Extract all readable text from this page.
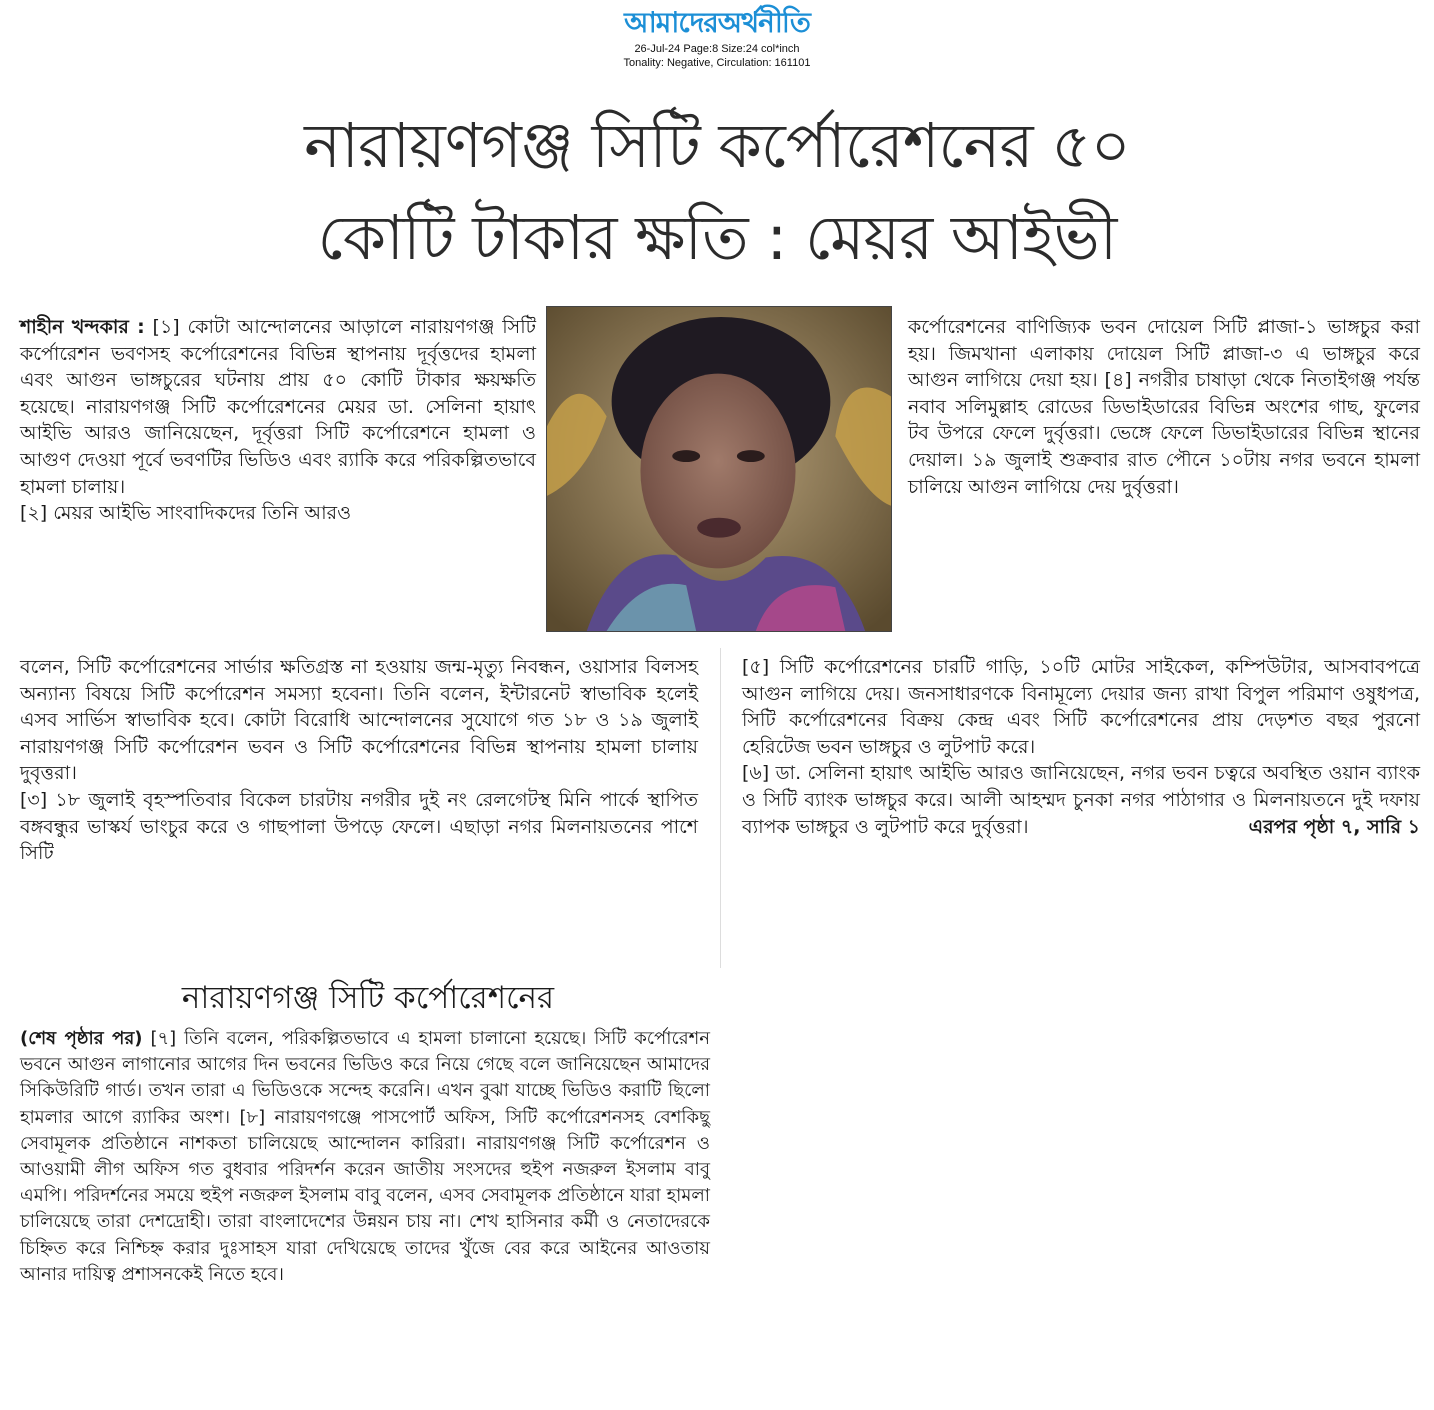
আমাদেরঅর্থনীতি
26-Jul-24 Page:8 Size:24 col*inch
Tonality: Negative, Circulation: 161101
নারায়ণগঞ্জ সিটি কর্পোরেশনের ৫০
কোটি টাকার ক্ষতি : মেয়র আইভী

শাহীন খন্দকার : [১] কোটা আন্দোলনের আড়ালে নারায়ণগঞ্জ সিটি কর্পোরেশন ভবণসহ কর্পোরেশনের বিভিন্ন স্থাপনায় দূর্বৃত্তদের হামলা এবং আগুন ভাঙ্গচুরের ঘটনায় প্রায় ৫০ কোটি টাকার ক্ষয়ক্ষতি হয়েছে। নারায়ণগঞ্জ সিটি কর্পোরেশনের মেয়র ডা. সেলিনা হায়াৎ আইভি আরও জানিয়েছেন, দূর্বৃত্তরা সিটি কর্পোরেশনে হামলা ও আগুণ দেওয়া পূর্বে ভবণটির ভিডিও এবং র‍্যাকি করে পরিকল্পিতভাবে হামলা চালায়।

[২] মেয়র আইভি সাংবাদিকদের তিনি আরও

কর্পোরেশনের বাণিজ্যিক ভবন দোয়েল সিটি প্লাজা-১ ভাঙ্গচুর করা হয়। জিমখানা এলাকায় দোয়েল সিটি প্লাজা-৩ এ ভাঙ্গচুর করে আগুন লাগিয়ে দেয়া হয়। [৪] নগরীর চাষাড়া থেকে নিতাইগঞ্জ পর্যন্ত নবাব সলিমুল্লাহ রোডের ডিভাইডারের বিভিন্ন অংশের গাছ, ফুলের টব উপরে ফেলে দুর্বৃত্তরা। ভেঙ্গে ফেলে ডিভাইডারের বিভিন্ন স্থানের দেয়াল। ১৯ জুলাই শুক্রবার রাত পৌনে ১০টায় নগর ভবনে হামলা চালিয়ে আগুন লাগিয়ে দেয় দুর্বৃত্তরা।

বলেন, সিটি কর্পোরেশনের সার্ভার ক্ষতিগ্রস্ত না হওয়ায় জন্ম-মৃত্যু নিবন্ধন, ওয়াসার বিলসহ অন্যান্য বিষয়ে সিটি কর্পোরেশন সমস্যা হবেনা। তিনি বলেন, ইন্টারনেট স্বাভাবিক হলেই এসব সার্ভিস স্বাভাবিক হবে। কোটা বিরোধি আন্দোলনের সুযোগে গত ১৮ ও ১৯ জুলাই নারায়ণগঞ্জ সিটি কর্পোরেশন ভবন ও সিটি কর্পোরেশনের বিভিন্ন স্থাপনায় হামলা চালায় দুবৃত্তরা।

[৩] ১৮ জুলাই বৃহস্পতিবার বিকেল চারটায় নগরীর দুই নং রেলগেটস্থ মিনি পার্কে স্থাপিত বঙ্গবন্ধুর ভাস্কর্য ভাংচুর করে ও গাছপালা উপড়ে ফেলে। এছাড়া নগর মিলনায়তনের পাশে সিটি

[৫] সিটি কর্পোরেশনের চারটি গাড়ি, ১০টি মোটর সাইকেল, কম্পিউটার, আসবাবপত্রে আগুন লাগিয়ে দেয়। জনসাধারণকে বিনামূল্যে দেয়ার জন্য রাখা বিপুল পরিমাণ ওষুধপত্র, সিটি কর্পোরেশনের বিক্রয় কেন্দ্র এবং সিটি কর্পোরেশনের প্রায় দেড়শত বছর পুরনো হেরিটেজ ভবন ভাঙ্গচুর ও লুটপাট করে।

[৬] ডা. সেলিনা হায়াৎ আইভি আরও জানিয়েছেন, নগর ভবন চত্বরে অবস্থিত ওয়ান ব্যাংক ও সিটি ব্যাংক ভাঙ্গচুর করে। আলী আহম্মদ চুনকা নগর পাঠাগার ও মিলনায়তনে দুই দফায় ব্যাপক ভাঙ্গচুর ও লুটপাট করে দুর্বৃত্তরা।	এরপর পৃষ্ঠা ৭, সারি ১

নারায়ণগঞ্জ সিটি কর্পোরেশনের

(শেষ পৃষ্ঠার পর) [৭] তিনি বলেন, পরিকল্পিতভাবে এ হামলা চালানো হয়েছে। সিটি কর্পোরেশন ভবনে আগুন লাগানোর আগের দিন ভবনের ভিডিও করে নিয়ে গেছে বলে জানিয়েছেন আমাদের সিকিউরিটি গার্ড। তখন তারা এ ভিডিওকে সন্দেহ করেনি। এখন বুঝা যাচ্ছে ভিডিও করাটি ছিলো হামলার আগে র‍্যাকির অংশ। [৮] নারায়ণগঞ্জে পাসপোর্ট অফিস, সিটি কর্পোরেশনসহ বেশকিছু সেবামূলক প্রতিষ্ঠানে নাশকতা চালিয়েছে আন্দোলন কারিরা। নারায়ণগঞ্জ সিটি কর্পোরেশন ও আওয়ামী লীগ অফিস গত বুধবার পরিদর্শন করেন জাতীয় সংসদের হুইপ নজরুল ইসলাম বাবু এমপি। পরিদর্শনের সময়ে হুইপ নজরুল ইসলাম বাবু বলেন, এসব সেবামূলক প্রতিষ্ঠানে যারা হামলা চালিয়েছে তারা দেশদ্রোহী। তারা বাংলাদেশের উন্নয়ন চায় না। শেখ হাসিনার কর্মী ও নেতাদেরকে চিহ্নিত করে নিশ্চিহ্ন করার দুঃসাহস যারা দেখিয়েছে তাদের খুঁজে বের করে আইনের আওতায় আনার দায়িত্ব প্রশাসনকেই নিতে হবে।
